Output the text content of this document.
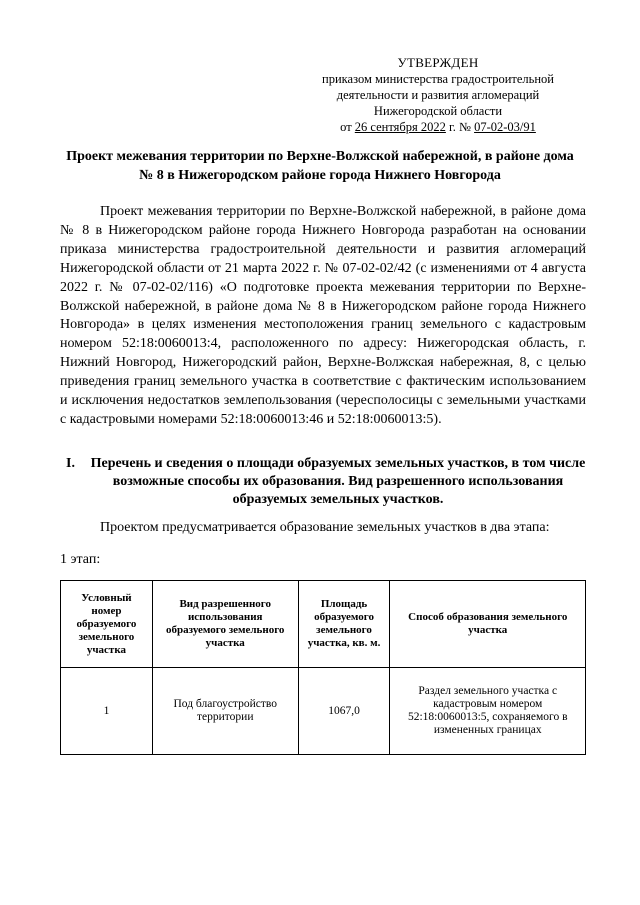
УТВЕРЖДЕН
приказом министерства градостроительной
деятельности и развития агломераций
Нижегородской области
от 26 сентября 2022 г. № 07-02-03/91
Проект межевания территории по Верхне-Волжской набережной, в районе дома № 8 в Нижегородском районе города Нижнего Новгорода

Проект межевания территории по Верхне-Волжской набережной, в районе дома № 8 в Нижегородском районе города Нижнего Новгорода разработан на основании приказа министерства градостроительной деятельности и развития агломераций Нижегородской области от 21 марта 2022 г. № 07-02-02/42 (с изменениями от 4 августа 2022 г. № 07-02-02/116) «О подготовке проекта межевания территории по Верхне-Волжской набережной, в районе дома № 8 в Нижегородском районе города Нижнего Новгорода» в целях изменения местоположения границ земельного с кадастровым номером 52:18:0060013:4, расположенного по адресу: Нижегородская область, г. Нижний Новгород, Нижегородский район, Верхне-Волжская набережная, 8, с целью приведения границ земельного участка в соответствие с фактическим использованием и исключения недостатков землепользования (чересполосицы с земельными участками с кадастровыми номерами 52:18:0060013:46 и 52:18:0060013:5).

I. Перечень и сведения о площади образуемых земельных участков, в том числе возможные способы их образования. Вид разрешенного использования образуемых земельных участков.
Проектом предусматривается образование земельных участков в два этапа:
1 этап:
Условный номер образуемого земельного участка	Вид разрешенного использования образуемого земельного участка	Площадь образуемого земельного участка, кв. м.	Способ образования земельного участка
1	Под благоустройство территории	1067,0	Раздел земельного участка с кадастровым номером 52:18:0060013:5, сохраняемого в измененных границах
